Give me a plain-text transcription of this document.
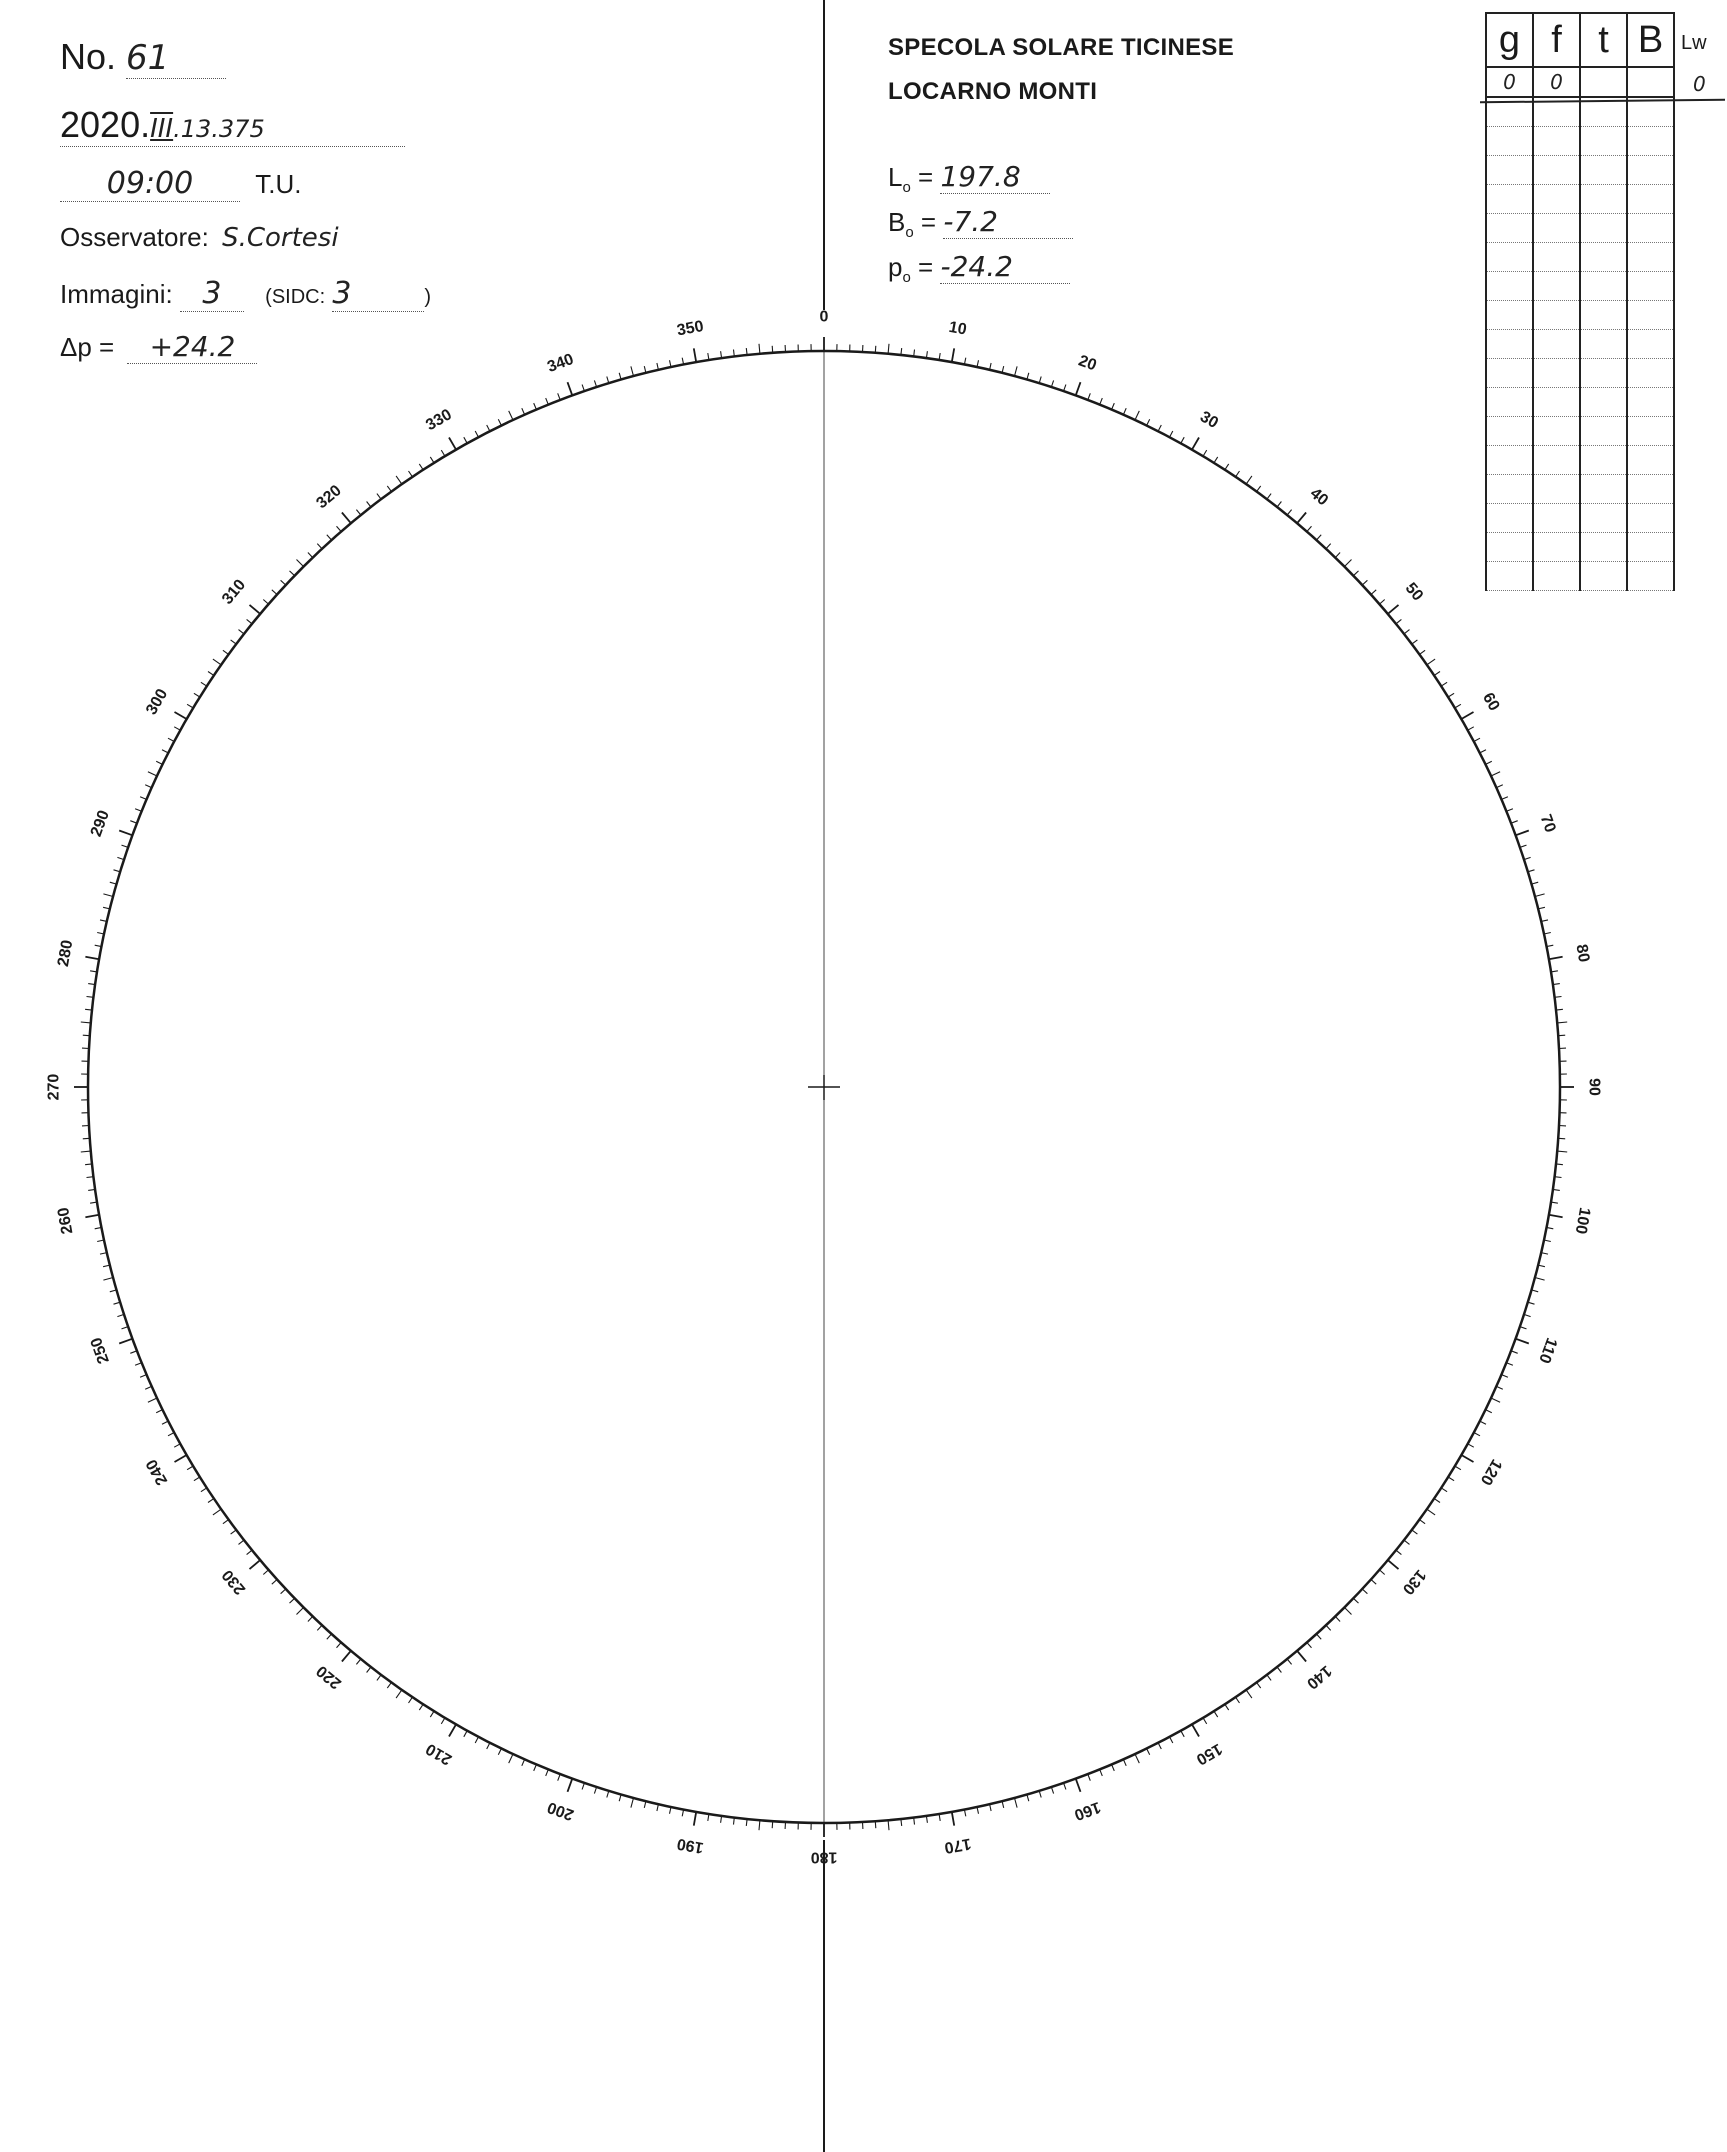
No. 61
2020.III.13.375
09:00 T.U.
Osservatore: S.Cortesi
Immagini: 3 (SIDC: 3	)
Δp = +24.2
SPECOLA SOLARE TICINESE
LOCARNO MONTI
$L_o = 197.8$
$B_o = -7.2$
$p_o = -24.2$
g	f	t	B
0	0		

Lw
0
0
10
20
30
40
50
60
70
80
90
100
110
120
130
140
150
160
170
180
190
200
210
220
230
240
250
260
270
280
290
300
310
320
330
340
350
